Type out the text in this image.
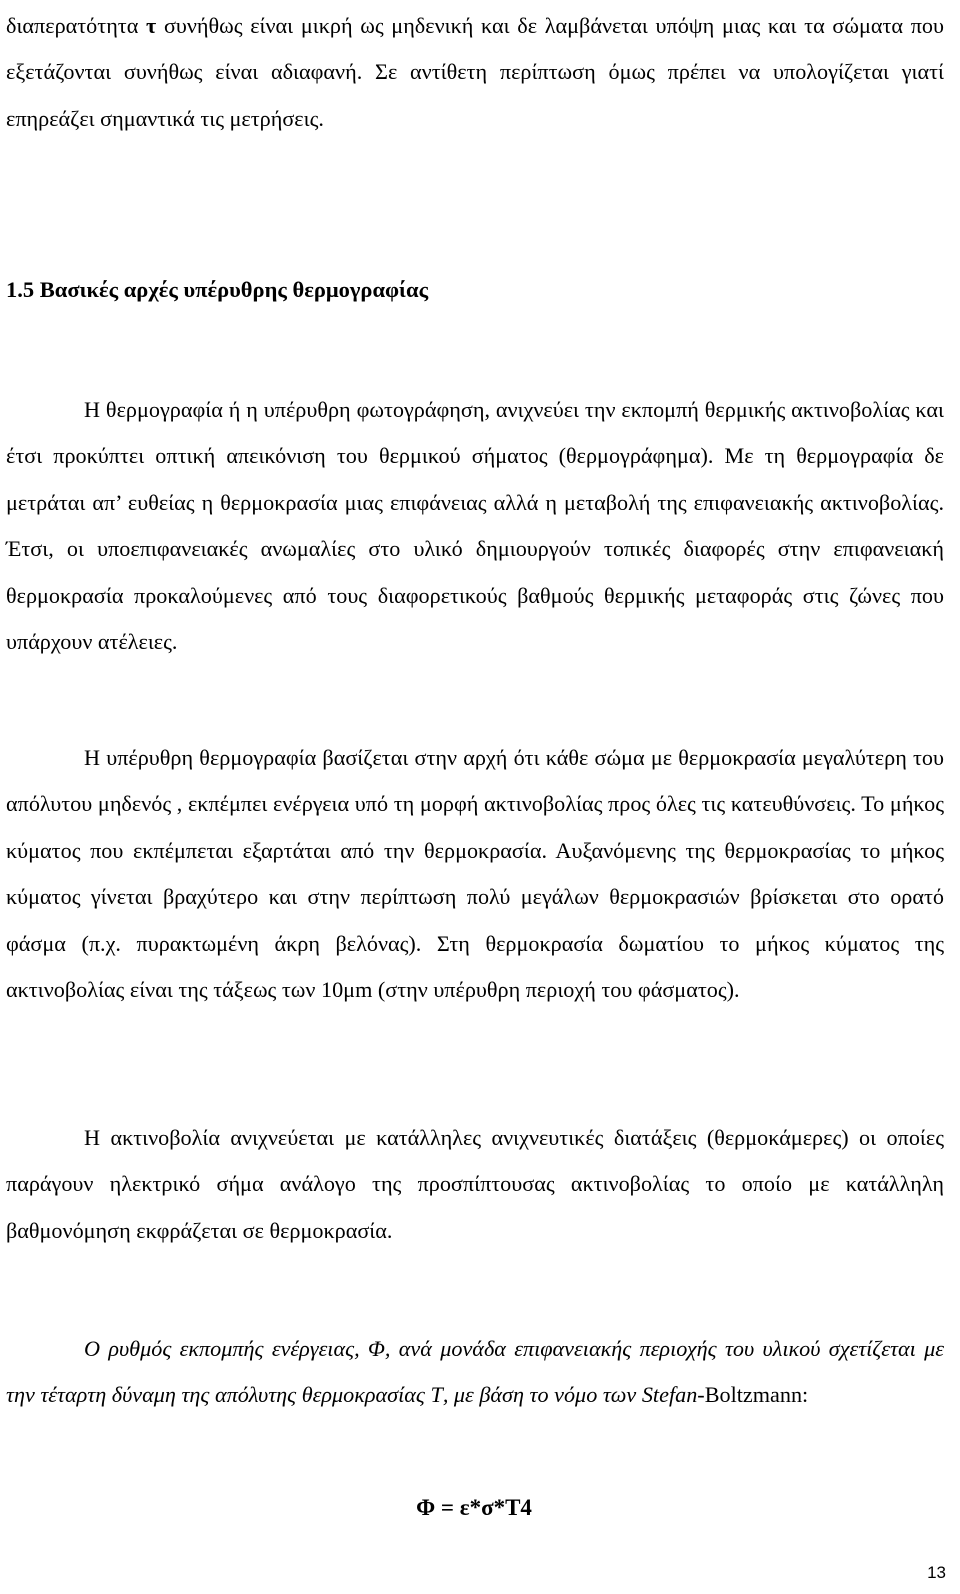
διαπερατότητα τ συνήθως είναι μικρή ως μηδενική και δε λαμβάνεται υπόψη μιας και τα σώματα που εξετάζονται συνήθως είναι αδιαφανή. Σε αντίθετη περίπτωση όμως πρέπει να υπολογίζεται γιατί επηρεάζει σημαντικά τις μετρήσεις.

1.5 Βασικές αρχές υπέρυθρης θερμογραφίας

Η θερμογραφία ή η υπέρυθρη φωτογράφηση, ανιχνεύει την εκπομπή θερμικής ακτινοβολίας και έτσι προκύπτει οπτική απεικόνιση του θερμικού σήματος (θερμογράφημα). Με τη θερμογραφία δε μετράται απ’ ευθείας η θερμοκρασία μιας επιφάνειας αλλά η μεταβολή της επιφανειακής ακτινοβολίας. Έτσι, οι υποεπιφανειακές ανωμαλίες στο υλικό δημιουργούν τοπικές διαφορές στην επιφανειακή θερμοκρασία προκαλούμενες από τους διαφορετικούς βαθμούς θερμικής μεταφοράς στις ζώνες που υπάρχουν ατέλειες.

Η υπέρυθρη θερμογραφία βασίζεται στην αρχή ότι κάθε σώμα με θερμοκρασία μεγαλύτερη του απόλυτου μηδενός , εκπέμπει ενέργεια υπό τη μορφή ακτινοβολίας προς όλες τις κατευθύνσεις. Το μήκος κύματος που εκπέμπεται εξαρτάται από την θερμοκρασία. Αυξανόμενης της θερμοκρασίας το μήκος κύματος γίνεται βραχύτερο και στην περίπτωση πολύ μεγάλων θερμοκρασιών βρίσκεται στο ορατό φάσμα (π.χ. πυρακτωμένη άκρη βελόνας). Στη θερμοκρασία δωματίου το μήκος κύματος της ακτινοβολίας είναι της τάξεως των 10μm (στην υπέρυθρη περιοχή του φάσματος).

Η ακτινοβολία ανιχνεύεται με κατάλληλες ανιχνευτικές διατάξεις (θερμοκάμερες) οι οποίες παράγουν ηλεκτρικό σήμα ανάλογο της προσπίπτουσας ακτινοβολίας το οποίο με κατάλληλη βαθμονόμηση εκφράζεται σε θερμοκρασία.

Ο ρυθμός εκπομπής ενέργειας, Φ, ανά μονάδα επιφανειακής περιοχής του υλικού σχετίζεται με την τέταρτη δύναμη της απόλυτης θερμοκρασίας Τ, με βάση το νόμο των Stefan-Boltzmann:

Φ = ε*σ*Τ4

13
